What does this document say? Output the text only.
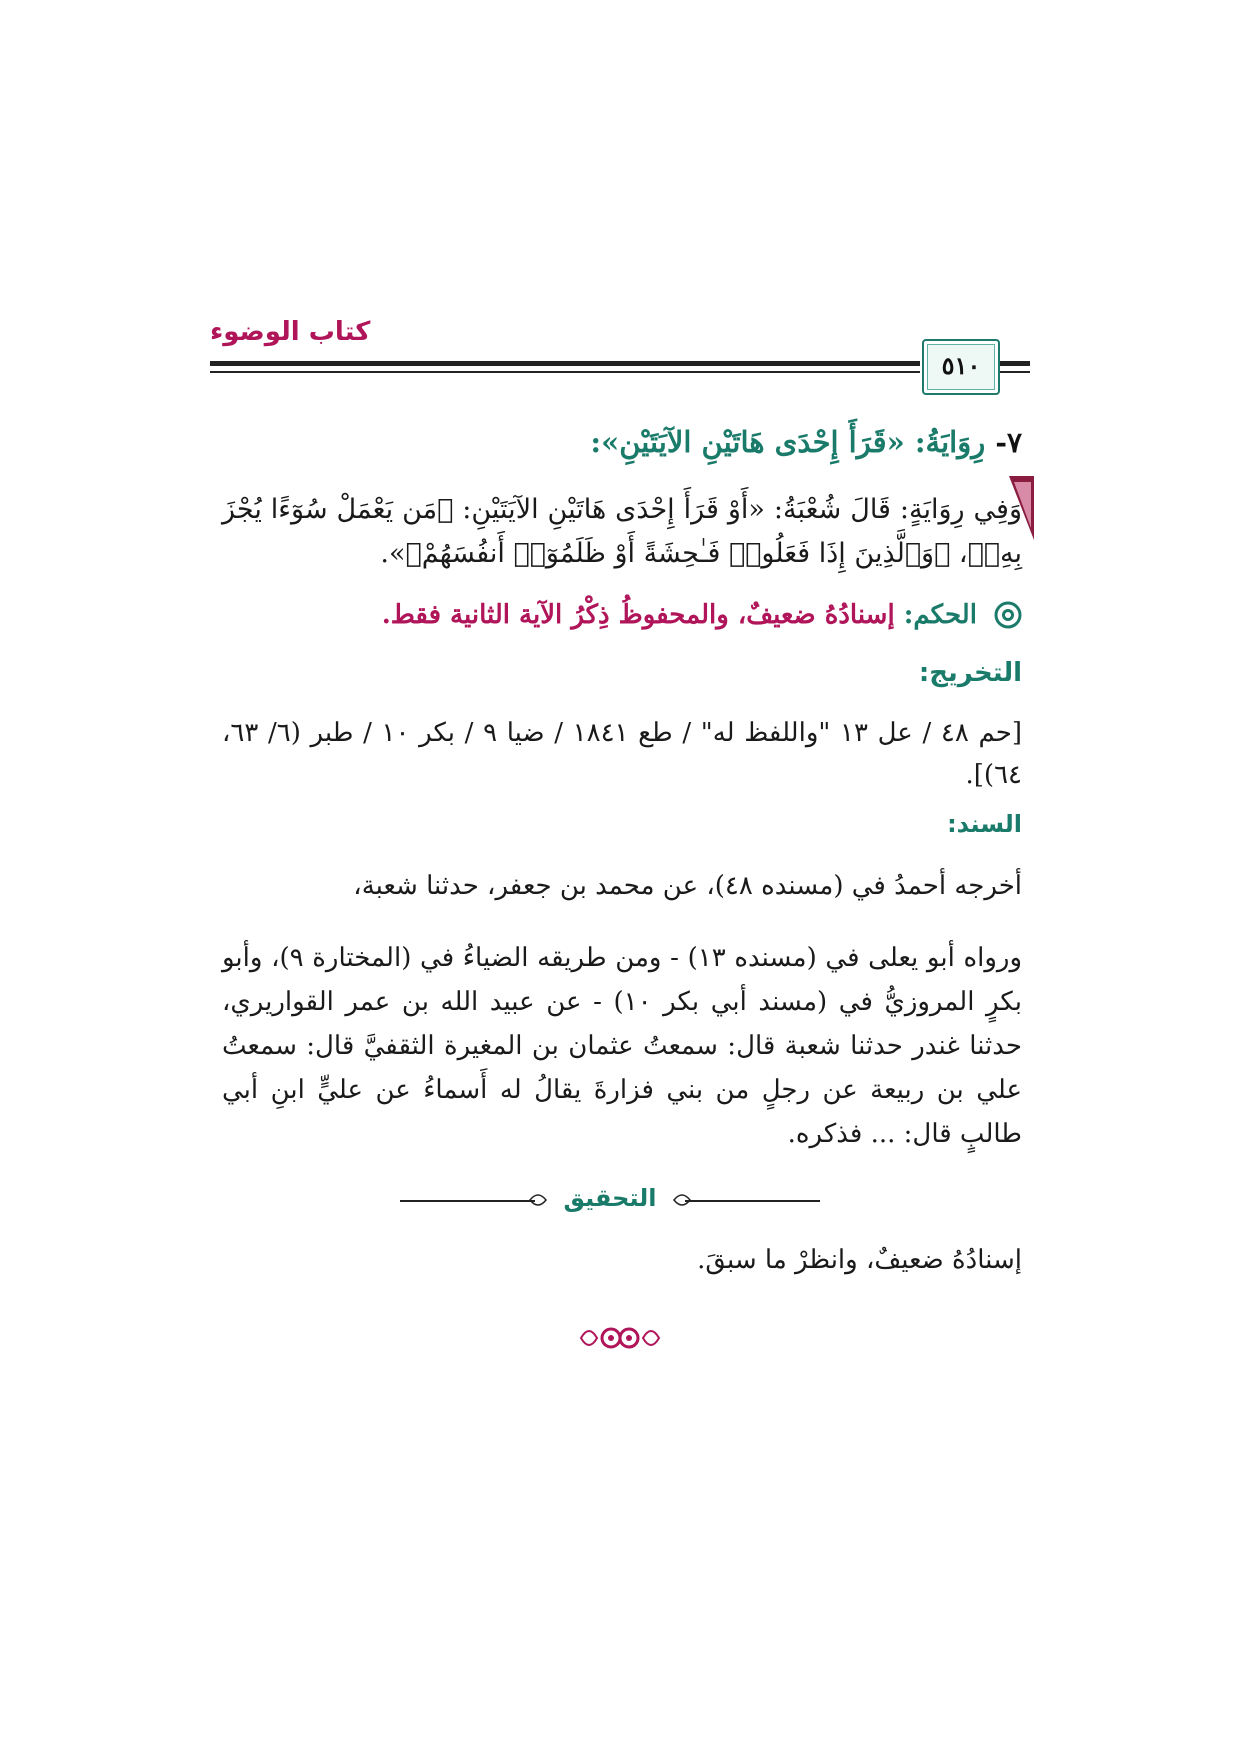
كتاب الوضوء
٥١٠
٧- رِوَايَةُ: «قَرَأَ إِحْدَى هَاتَيْنِ الآيَتَيْنِ»:
وَفِي رِوَايَةٍ: قَالَ شُعْبَةُ: «أَوْ قَرَأَ إِحْدَى هَاتَيْنِ الآيَتَيْنِ: ﴿مَن يَعْمَلْ سُوٓءًا يُجْزَ بِهِۦ﴾، ﴿وَٱلَّذِينَ إِذَا فَعَلُوا۟ فَـٰحِشَةً أَوْ ظَلَمُوٓا۟ أَنفُسَهُمْ﴾».
الحكم: إسنادُهُ ضعيفٌ، والمحفوظُ ذِكْرُ الآية الثانية فقط.
التخريج:
[حم ٤٨ / عل ١٣ "واللفظ له" / طع ١٨٤١ / ضيا ٩ / بكر ١٠ / طبر (٦/ ٦٣، ٦٤)].
السند:
أخرجه أحمدُ في (مسنده ٤٨)، عن محمد بن جعفر، حدثنا شعبة،
ورواه أبو يعلى في (مسنده ١٣) - ومن طريقه الضياءُ في (المختارة ٩)، وأبو بكرٍ المروزيُّ في (مسند أبي بكر ١٠) - عن عبيد الله بن عمر القواريري، حدثنا غندر حدثنا شعبة قال: سمعتُ عثمان بن المغيرة الثقفيَّ قال: سمعتُ علي بن ربيعة عن رجلٍ من بني فزارةَ يقالُ له أَسماءُ عن عليٍّ ابنِ أبي طالبٍ قال: ... فذكره.
التحقيق
إسنادُهُ ضعيفٌ، وانظرْ ما سبقَ.
